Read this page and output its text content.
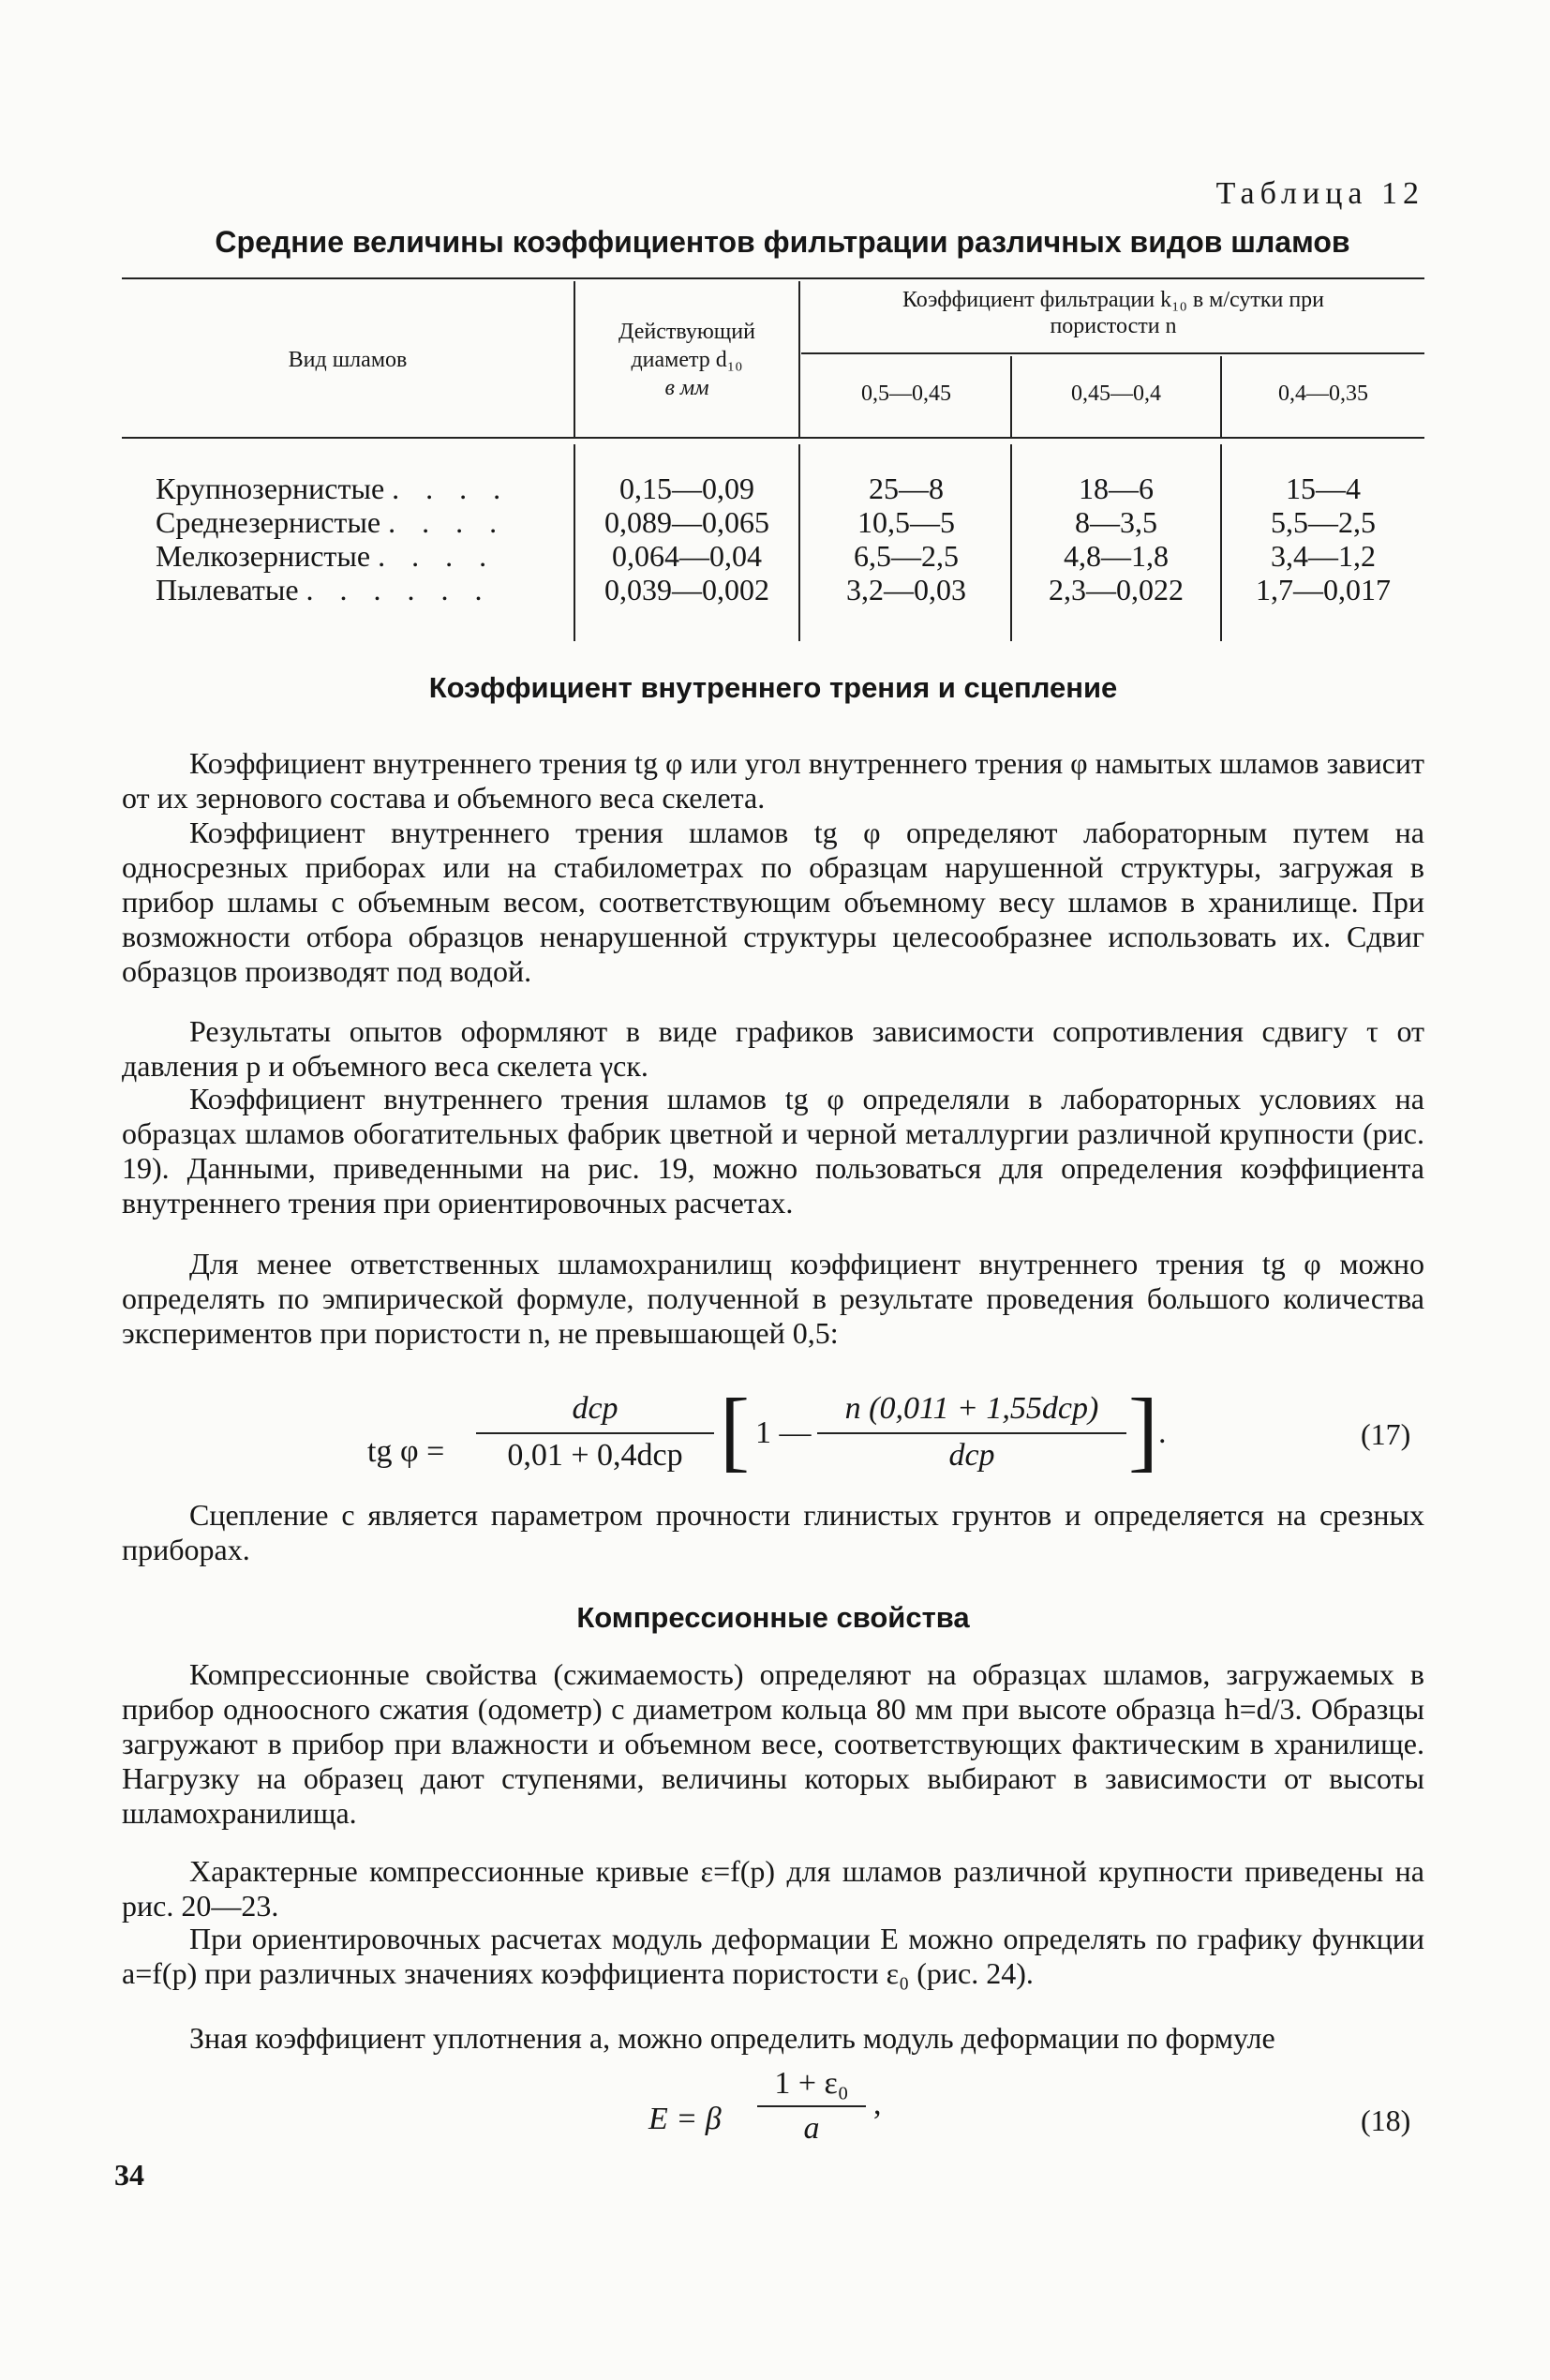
Таблица 12
Средние величины коэффициентов фильтрации различных видов шламов
Вид шламов
Действующий
диаметр d₁₀
в мм
Коэффициент фильтрации k₁₀ в м/сутки при
пористости n
0,5—0,45	0,45—0,4	0,4—0,35
Крупнозернистые . . . .	0,15—0,09	25—8	18—6	15—4
Среднезернистые . . . .	0,089—0,065	10,5—5	8—3,5	5,5—2,5
Мелкозернистые . . . .	0,064—0,04	6,5—2,5	4,8—1,8	3,4—1,2
Пылеватые . . . . . .	0,039—0,002	3,2—0,03	2,3—0,022	1,7—0,017
Коэффициент внутреннего трения и сцепление

Коэффициент внутреннего трения tg φ или угол внутреннего трения φ намытых шламов зависит от их зернового состава и объемного веса скелета.

Коэффициент внутреннего трения шламов tg φ определяют лабораторным путем на односрезных приборах или на стабилометрах по образцам нарушенной структуры, загружая в прибор шламы с объемным весом, соответствующим объемному весу шламов в хранилище. При возможности отбора образцов ненарушенной структуры целесообразнее использовать их. Сдвиг образцов производят под водой.

Результаты опытов оформляют в виде графиков зависимости сопротивления сдвигу τ от давления p и объемного веса скелета γск.

Коэффициент внутреннего трения шламов tg φ определяли в лабораторных условиях на образцах шламов обогатительных фабрик цветной и черной металлургии различной крупности (рис. 19). Данными, приведенными на рис. 19, можно пользоваться для определения коэффициента внутреннего трения при ориентировочных расчетах.

Для менее ответственных шламохранилищ коэффициент внутреннего трения tg φ можно определять по эмпирической формуле, полученной в результате проведения большого количества экспериментов при пористости n, не превышающей 0,5:

tg φ =
dср
0,01 + 0,4dср [ 1 —
n (0,011 + 1,55dср)
dср	] .	(17)

Сцепление c является параметром прочности глинистых грунтов и определяется на срезных приборах.

Компрессионные свойства

Компрессионные свойства (сжимаемость) определяют на образцах шламов, загружаемых в прибор одноосного сжатия (одометр) с диаметром кольца 80 мм при высоте образца h=d/3. Образцы загружают в прибор при влажности и объемном весе, соответствующих фактическим в хранилище. Нагрузку на образец дают ступенями, величины которых выбирают в зависимости от высоты шламохранилища.

Характерные компрессионные кривые ε=f(p) для шламов различной крупности приведены на рис. 20—23.

При ориентировочных расчетах модуль деформации E можно определять по графику функции a=f(p) при различных значениях коэффициента пористости ε₀ (рис. 24).

Зная коэффициент уплотнения a, можно определить модуль деформации по формуле

E = β
1 + ε₀
a
,	(18)
34
